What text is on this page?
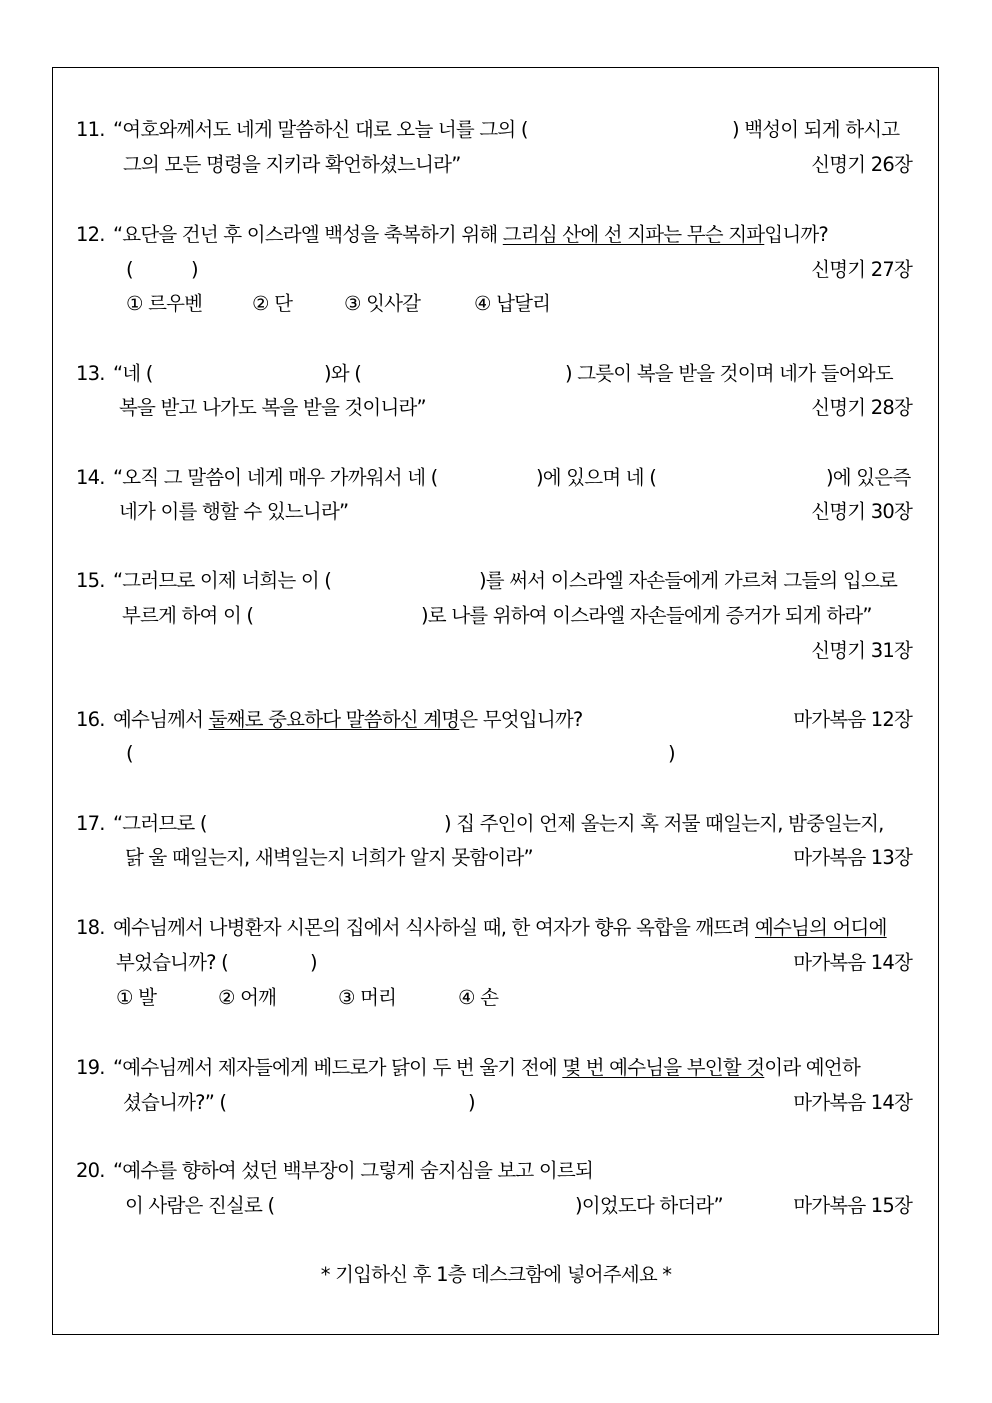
11. “여호와께서도 네게 말씀하신 대로 오늘 너를 그의 (	) 백성이 되게 하시고
그의 모든 명령을 지키라 확언하셨느니라”	신명기 26장
12. “요단을 건넌 후 이스라엘 백성을 축복하기 위해 그리심 산에 선 지파는 무슨 지파입니까?
(	)	신명기 27장
① 르우벤	② 단	③ 잇사갈	④ 납달리
13. “네 (	)와 (	) 그릇이 복을 받을 것이며 네가 들어와도
복을 받고 나가도 복을 받을 것이니라”	신명기 28장
14. “오직 그 말씀이 네게 매우 가까워서 네 (	)에 있으며 네 (	)에 있은즉
네가 이를 행할 수 있느니라”	신명기 30장
15. “그러므로 이제 너희는 이 (	)를 써서 이스라엘 자손들에게 가르쳐 그들의 입으로
부르게 하여 이 (	)로 나를 위하여 이스라엘 자손들에게 증거가 되게 하라”
신명기 31장
16. 예수님께서 둘째로 중요하다 말씀하신 계명은 무엇입니까?	마가복음 12장
(	)
17. “그러므로 (	) 집 주인이 언제 올는지 혹 저물 때일는지, 밤중일는지,
닭 울 때일는지, 새벽일는지 너희가 알지 못함이라”	마가복음 13장
18. 예수님께서 나병환자 시몬의 집에서 식사하실 때, 한 여자가 향유 옥합을 깨뜨려 예수님의 어디에
부었습니까? (	)	마가복음 14장
① 발	② 어깨	③ 머리	④ 손
19. “예수님께서 제자들에게 베드로가 닭이 두 번 울기 전에 몇 번 예수님을 부인할 것이라 예언하
셨습니까?” (	)	마가복음 14장
20. “예수를 향하여 섰던 백부장이 그렇게 숨지심을 보고 이르되
이 사람은 진실로 (	)이었도다 하더라”	마가복음 15장
* 기입하신 후 1층 데스크함에 넣어주세요 *
